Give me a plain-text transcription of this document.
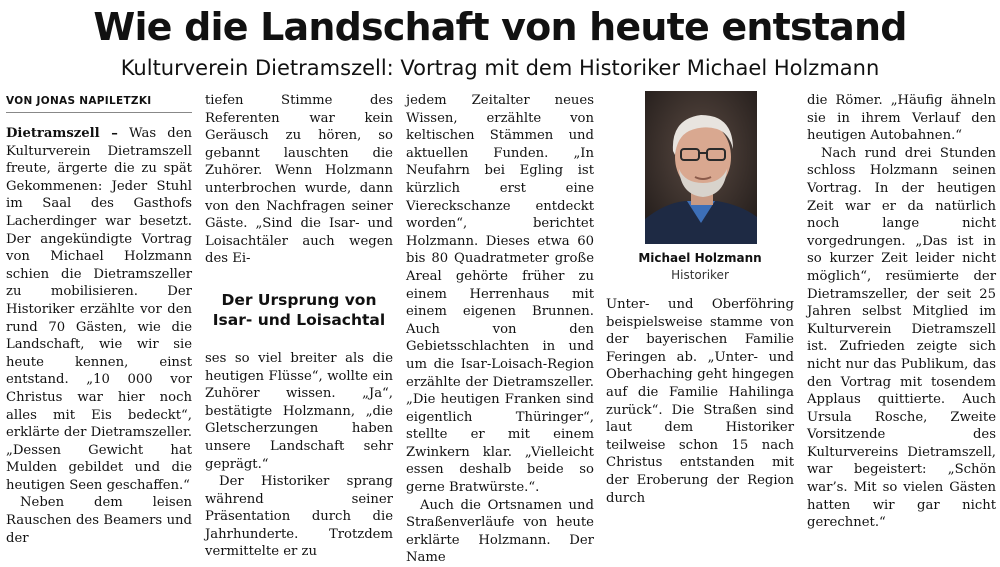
Wie die Landschaft von heute entstand
Kulturverein Dietramszell: Vortrag mit dem Historiker Michael Holzmann
VON JONAS NAPILETZKI

Dietramszell – Was den Kulturverein Dietramszell freute, ärgerte die zu spät Gekommenen: Jeder Stuhl im Saal des Gasthofs Lacherdinger war besetzt. Der angekündigte Vortrag von Michael Holzmann schien die Dietramszeller zu mobilisieren. Der Historiker erzählte vor den rund 70 Gästen, wie die Landschaft, wie wir sie heute kennen, einst entstand. „10 000 vor Christus war hier noch alles mit Eis bedeckt“, erklärte der Dietramszeller. „Dessen Gewicht hat Mulden gebildet und die heutigen Seen geschaffen.“

Neben dem leisen Rauschen des Beamers und der

tiefen Stimme des Referenten war kein Geräusch zu hören, so gebannt lauschten die Zuhörer. Wenn Holzmann unterbrochen wurde, dann von den Nachfragen seiner Gäste. „Sind die Isar- und Loisachtäler auch wegen des Ei-

Der Ursprung von Isar- und Loisachtal

ses so viel breiter als die heutigen Flüsse“, wollte ein Zuhörer wissen. „Ja“, bestätigte Holzmann, „die Gletscherzungen haben unsere Landschaft sehr geprägt.“

Der Historiker sprang während seiner Präsentation durch die Jahrhunderte. Trotzdem vermittelte er zu

jedem Zeitalter neues Wissen, erzählte von keltischen Stämmen und aktuellen Funden. „In Neufahrn bei Egling ist kürzlich erst eine Viereckschanze entdeckt worden“, berichtet Holzmann. Dieses etwa 60 bis 80 Quadratmeter große Areal gehörte früher zu einem Herrenhaus mit einem eigenen Brunnen. Auch von den Gebietsschlachten in und um die Isar-Loisach-Region erzählte der Dietramszeller. „Die heutigen Franken sind eigentlich Thüringer“, stellte er mit einem Zwinkern klar. „Vielleicht essen deshalb beide so gerne Bratwürste.“.

Auch die Ortsnamen und Straßenverläufe von heute erklärte Holzmann. Der Name

Michael Holzmann
Historiker

Unter- und Oberföhring beispielsweise stamme von der bayerischen Familie Feringen ab. „Unter- und Oberhaching geht hingegen auf die Familie Hahilinga zurück“. Die Straßen sind laut dem Historiker teilweise schon 15 nach Christus entstanden mit der Eroberung der Region durch

die Römer. „Häufig ähneln sie in ihrem Verlauf den heutigen Autobahnen.“

Nach rund drei Stunden schloss Holzmann seinen Vortrag. In der heutigen Zeit war er da natürlich noch lange nicht vorgedrungen. „Das ist in so kurzer Zeit leider nicht möglich“, resümierte der Dietramszeller, der seit 25 Jahren selbst Mitglied im Kulturverein Dietramszell ist. Zufrieden zeigte sich nicht nur das Publikum, das den Vortrag mit tosendem Applaus quittierte. Auch Ursula Rosche, Zweite Vorsitzende des Kulturvereins Dietramszell, war begeistert: „Schön war’s. Mit so vielen Gästen hatten wir gar nicht gerechnet.“
